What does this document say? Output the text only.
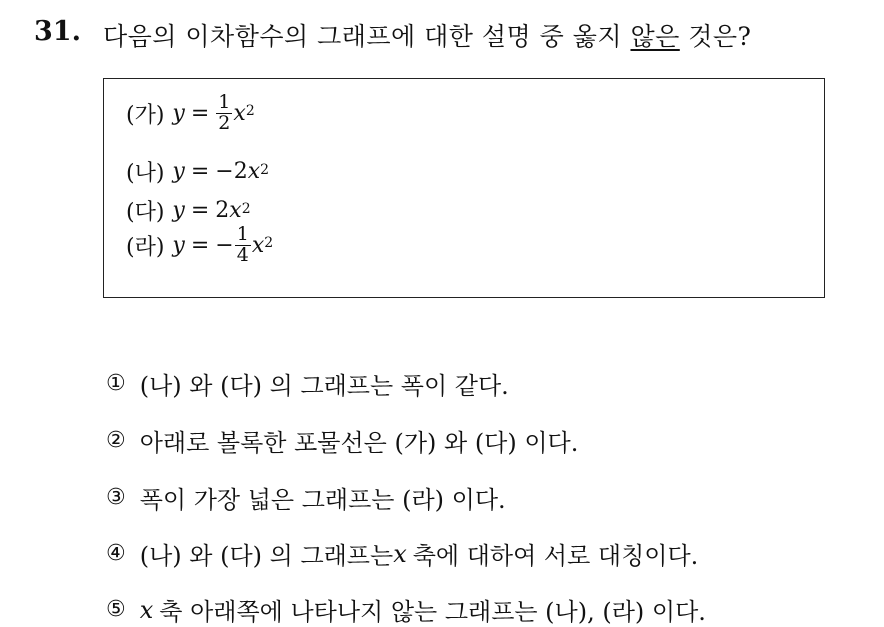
31. 다음의 이차함수의 그래프에 대한 설명 중 옳지 않은 것은?
(가) $y = \frac{1}{2} x^2$
(나) y = − 2 $x^2$
(다) y = 2 $x^2$
(라) y = − $\frac{1}{4} x^2$
① (나) 와 (다) 의 그래프는 폭이 같다.
② 아래로 볼록한 포물선은 (가) 와 (다) 이다.
③ 폭이 가장 넓은 그래프는 (라) 이다.
④ (나) 와 (다) 의 그래프는 x 축에 대하여 서로 대칭이다.
⑤ x 축 아래쪽에 나타나지 않는 그래프는 (나), (라) 이다.
